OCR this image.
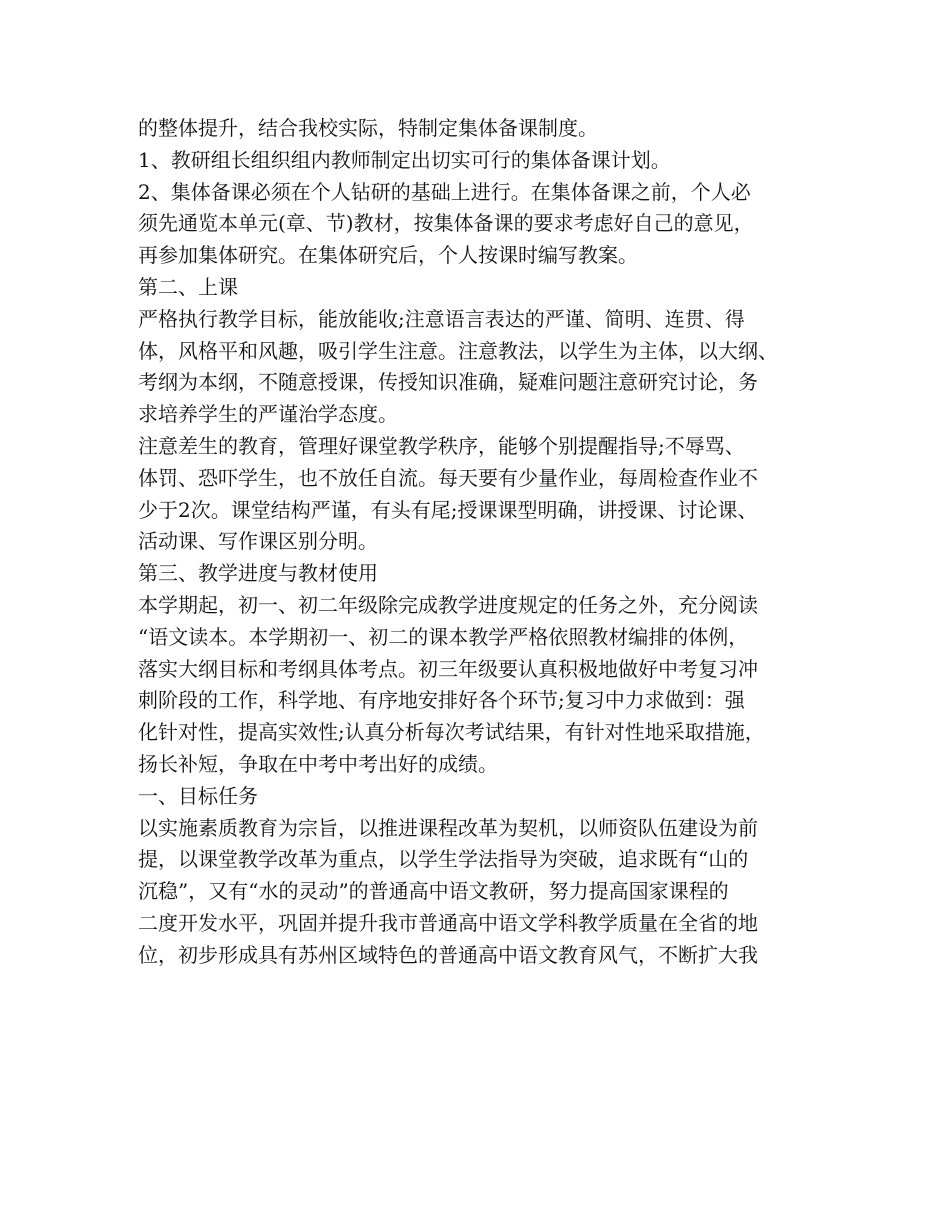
的整体提升，结合我校实际，特制定集体备课制度。
1、教研组长组织组内教师制定出切实可行的集体备课计划。
2、集体备课必须在个人钻研的基础上进行。在集体备课之前，个人必
须先通览本单元(章、节)教材，按集体备课的要求考虑好自己的意见，
再参加集体研究。在集体研究后，个人按课时编写教案。
第二、上课
严格执行教学目标，能放能收;注意语言表达的严谨、简明、连贯、得
体，风格平和风趣，吸引学生注意。注意教法，以学生为主体，以大纲、
考纲为本纲，不随意授课，传授知识准确，疑难问题注意研究讨论，务
求培养学生的严谨治学态度。
注意差生的教育，管理好课堂教学秩序，能够个别提醒指导;不辱骂、
体罚、恐吓学生，也不放任自流。每天要有少量作业，每周检查作业不
少于2次。课堂结构严谨，有头有尾;授课课型明确，讲授课、讨论课、
活动课、写作课区别分明。
第三、教学进度与教材使用
本学期起，初一、初二年级除完成教学进度规定的任务之外，充分阅读
“语文读本。本学期初一、初二的课本教学严格依照教材编排的体例，
落实大纲目标和考纲具体考点。初三年级要认真积极地做好中考复习冲
刺阶段的工作，科学地、有序地安排好各个环节;复习中力求做到：强
化针对性，提高实效性;认真分析每次考试结果，有针对性地采取措施，
扬长补短，争取在中考中考出好的成绩。
一、目标任务
以实施素质教育为宗旨，以推进课程改革为契机，以师资队伍建设为前
提，以课堂教学改革为重点，以学生学法指导为突破，追求既有“山的
沉稳”，又有“水的灵动”的普通高中语文教研，努力提高国家课程的
二度开发水平，巩固并提升我市普通高中语文学科教学质量在全省的地
位，初步形成具有苏州区域特色的普通高中语文教育风气，不断扩大我
